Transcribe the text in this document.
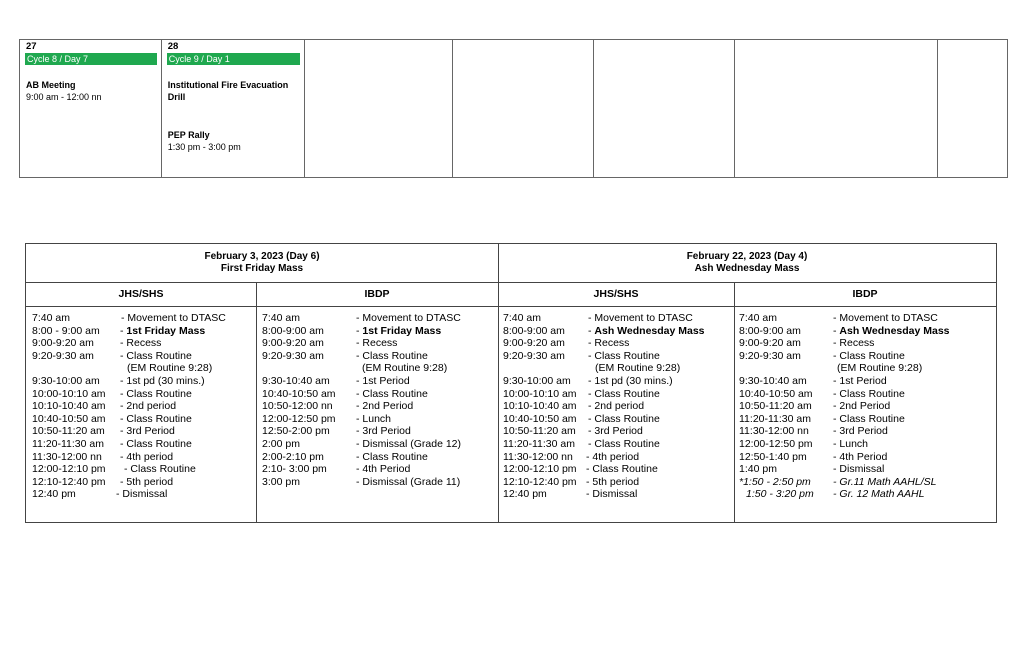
27
Cycle 8 / Day 7
AB Meeting
9:00 am - 12:00 nn
28
Cycle 9 / Day 1
Institutional Fire Evacuation
Drill
PEP Rally
1:30 pm - 3:00 pm
February 3, 2023 (Day 6)
First Friday Mass
February 22, 2023 (Day 4)
Ash Wednesday Mass
JHS/SHS	IBDP	JHS/SHS	IBDP
7:40 am	- Movement to DTASC
8:00 - 9:00 am - 1st Friday Mass
9:00-9:20 am - Recess
9:20-9:30 am - Class Routine
(EM Routine 9:28)
9:30-10:00 am - 1st pd (30 mins.)
10:00-10:10 am - Class Routine
10:10-10:40 am - 2nd period
10:40-10:50 am - Class Routine
10:50-11:20 am - 3rd Period
11:20-11:30 am - Class Routine
11:30-12:00 nn - 4th period
12:00-12:10 pm - Class Routine
12:10-12:40 pm - 5th period
12:40 pm	- Dismissal
7:40 am	- Movement to DTASC
8:00-9:00 am	- 1st Friday Mass
9:00-9:20 am	- Recess
9:20-9:30 am	- Class Routine
(EM Routine 9:28)
9:30-10:40 am	- 1st Period
10:40-10:50 am - Class Routine
10:50-12:00 nn - 2nd Period
12:00-12:50 pm - Lunch
12:50-2:00 pm	- 3rd Period
2:00 pm	- Dismissal (Grade 12)
2:00-2:10 pm	- Class Routine
2:10- 3:00 pm	- 4th Period
3:00 pm	- Dismissal (Grade 11)
7:40 am	- Movement to DTASC
8:00-9:00 am - Ash Wednesday Mass
9:00-9:20 am - Recess
9:20-9:30 am - Class Routine
(EM Routine 9:28)
9:30-10:00 am - 1st pd (30 mins.)
10:00-10:10 am - Class Routine
10:10-10:40 am - 2nd period
10:40-10:50 am - Class Routine
10:50-11:20 am - 3rd Period
11:20-11:30 am - Class Routine
11:30-12:00 nn - 4th period
12:00-12:10 pm - Class Routine
12:10-12:40 pm - 5th period
12:40 pm	- Dismissal
7:40 am	- Movement to DTASC
8:00-9:00 am	- Ash Wednesday Mass
9:00-9:20 am	- Recess
9:20-9:30 am	- Class Routine
(EM Routine 9:28)
9:30-10:40 am	- 1st Period
10:40-10:50 am - Class Routine
10:50-11:20 am - 2nd Period
11:20-11:30 am - Class Routine
11:30-12:00 nn - 3rd Period
12:00-12:50 pm - Lunch
12:50-1:40 pm	- 4th Period
1:40 pm	- Dismissal
*1:50 - 2:50 pm - Gr.11 Math AAHL/SL
1:50 - 3:20 pm - Gr. 12 Math AAHL
